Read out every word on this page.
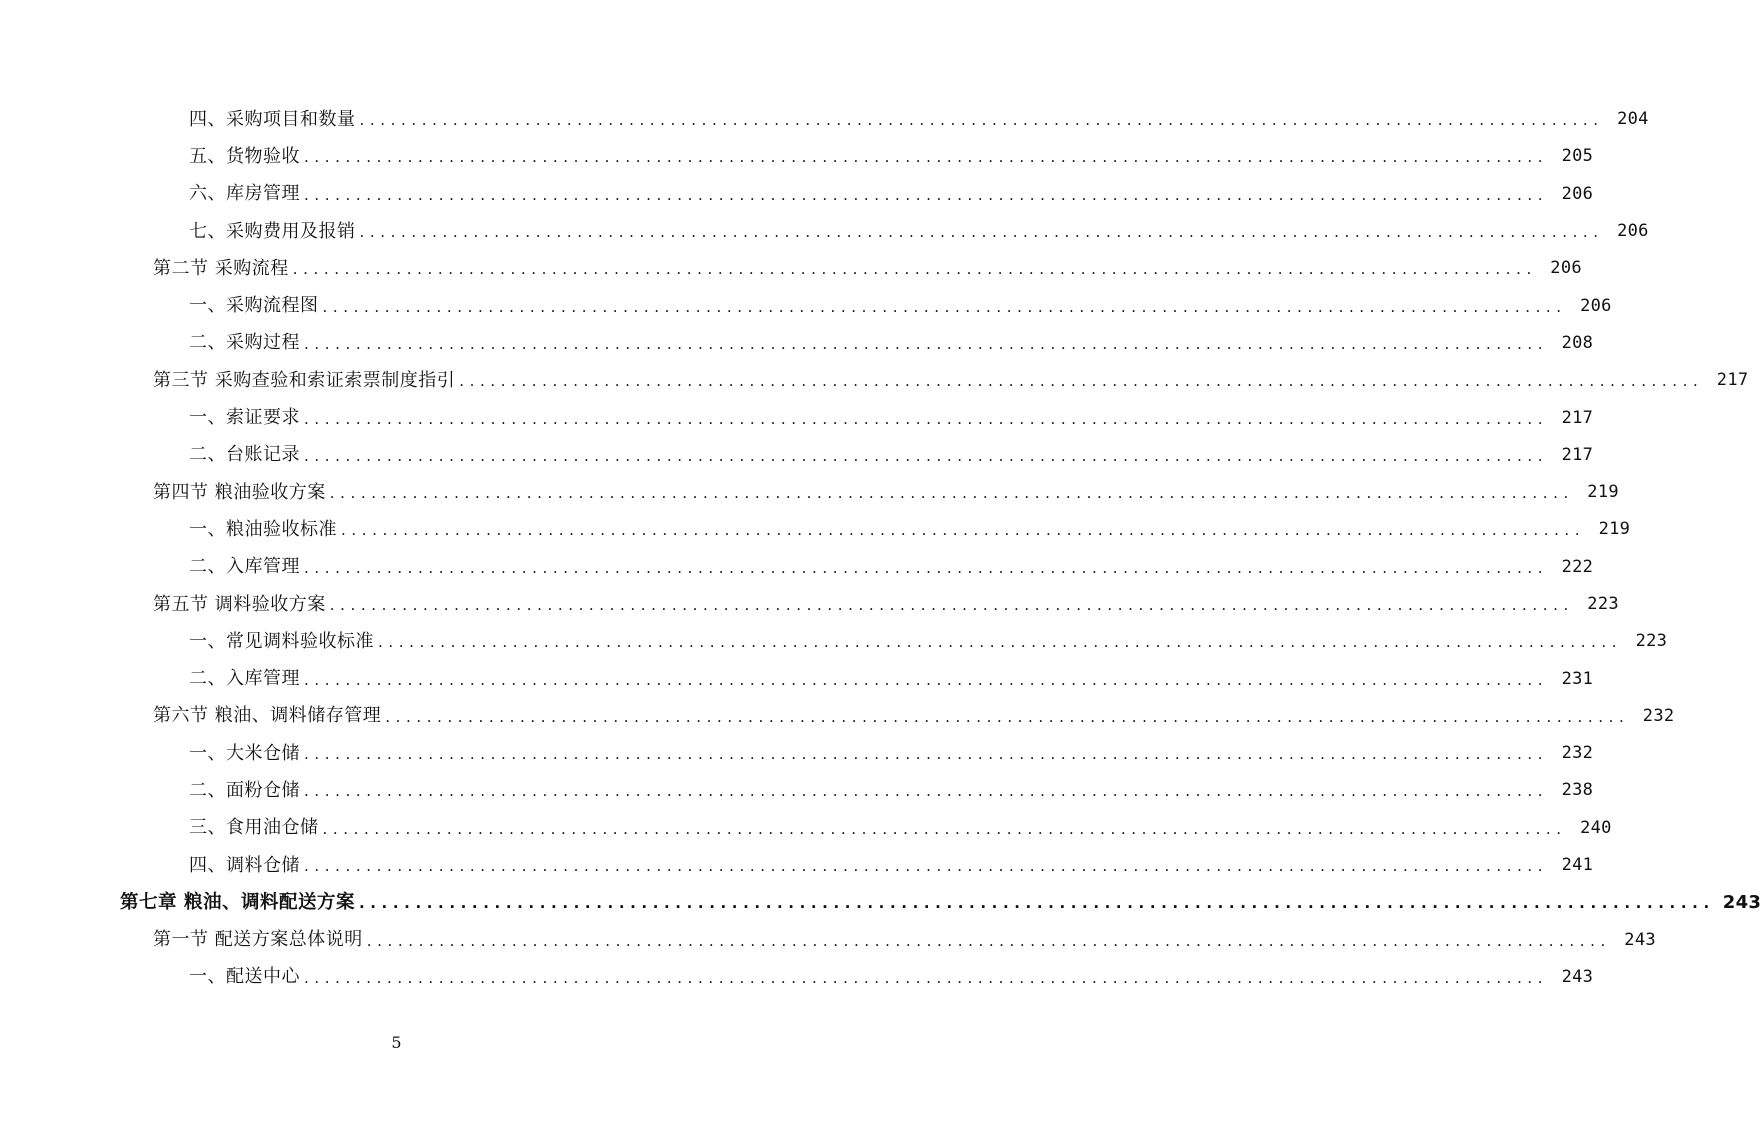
四、采购项目和数量 ........................................................................................................................ 204
五、货物验收 ........................................................................................................................ 205
六、库房管理 ........................................................................................................................ 206
七、采购费用及报销 ........................................................................................................................ 206
第二节 采购流程 ........................................................................................................................ 206
一、采购流程图 ........................................................................................................................ 206
二、采购过程 ........................................................................................................................ 208
第三节 采购查验和索证索票制度指引 ........................................................................................................................ 217
一、索证要求 ........................................................................................................................ 217
二、台账记录 ........................................................................................................................ 217
第四节 粮油验收方案 ........................................................................................................................ 219
一、粮油验收标准 ........................................................................................................................ 219
二、入库管理 ........................................................................................................................ 222
第五节 调料验收方案 ........................................................................................................................ 223
一、常见调料验收标准 ........................................................................................................................ 223
二、入库管理 ........................................................................................................................ 231
第六节 粮油、调料储存管理 ........................................................................................................................ 232
一、大米仓储 ........................................................................................................................ 232
二、面粉仓储 ........................................................................................................................ 238
三、食用油仓储 ........................................................................................................................ 240
四、调料仓储 ........................................................................................................................ 241
第七章 粮油、调料配送方案 ........................................................................................................................ 243
第一节 配送方案总体说明 ........................................................................................................................ 243
一、配送中心 ........................................................................................................................ 243
5
